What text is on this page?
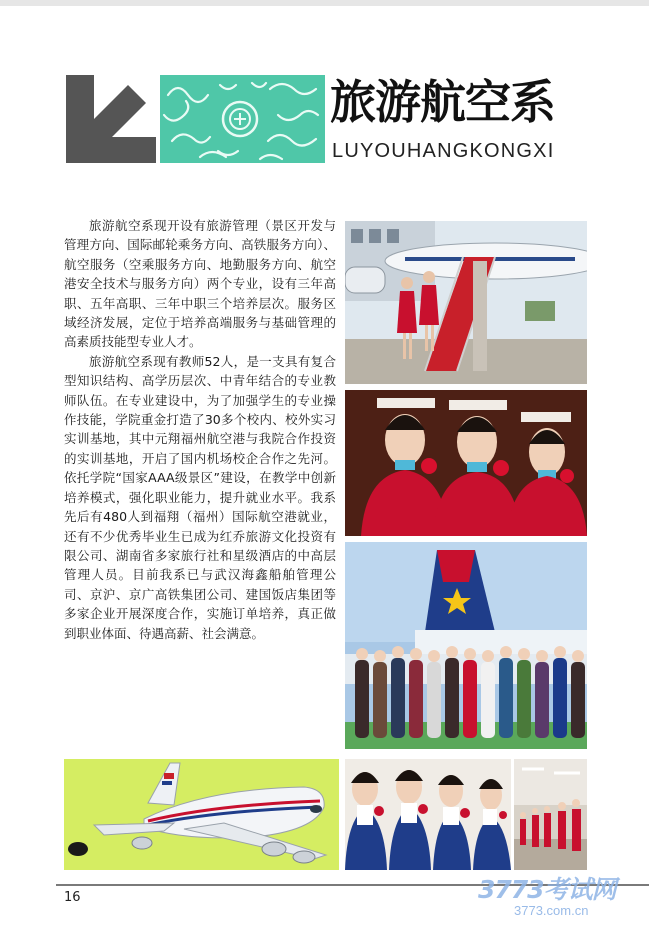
旅游航空系
LUYOUHANGKONGXI

旅游航空系现开设有旅游管理（景区开发与管理方向、国际邮轮乘务方向、高铁服务方向）、航空服务（空乘服务方向、地勤服务方向、航空港安全技术与服务方向）两个专业，设有三年高职、五年高职、三年中职三个培养层次。服务区域经济发展，定位于培养高端服务与基础管理的高素质技能型专业人才。

旅游航空系现有教师52人，是一支具有复合型知识结构、高学历层次、中青年结合的专业教师队伍。在专业建设中，为了加强学生的专业操作技能，学院重金打造了30多个校内、校外实习实训基地，其中元翔福州航空港与我院合作投资的实训基地，开启了国内机场校企合作之先河。依托学院“国家AAA级景区”建设，在教学中创新培养模式，强化职业能力，提升就业水平。我系先后有480人到福翔（福州）国际航空港就业，还有不少优秀毕业生已成为红乔旅游文化投资有限公司、湖南省多家旅行社和星级酒店的中高层管理人员。目前我系已与武汉海鑫船舶管理公司、京沪、京广高铁集团公司、建国饭店集团等多家企业开展深度合作，实施订单培养，真正做到职业体面、待遇高薪、社会满意。

16	3773考试网
3773.com.cn
